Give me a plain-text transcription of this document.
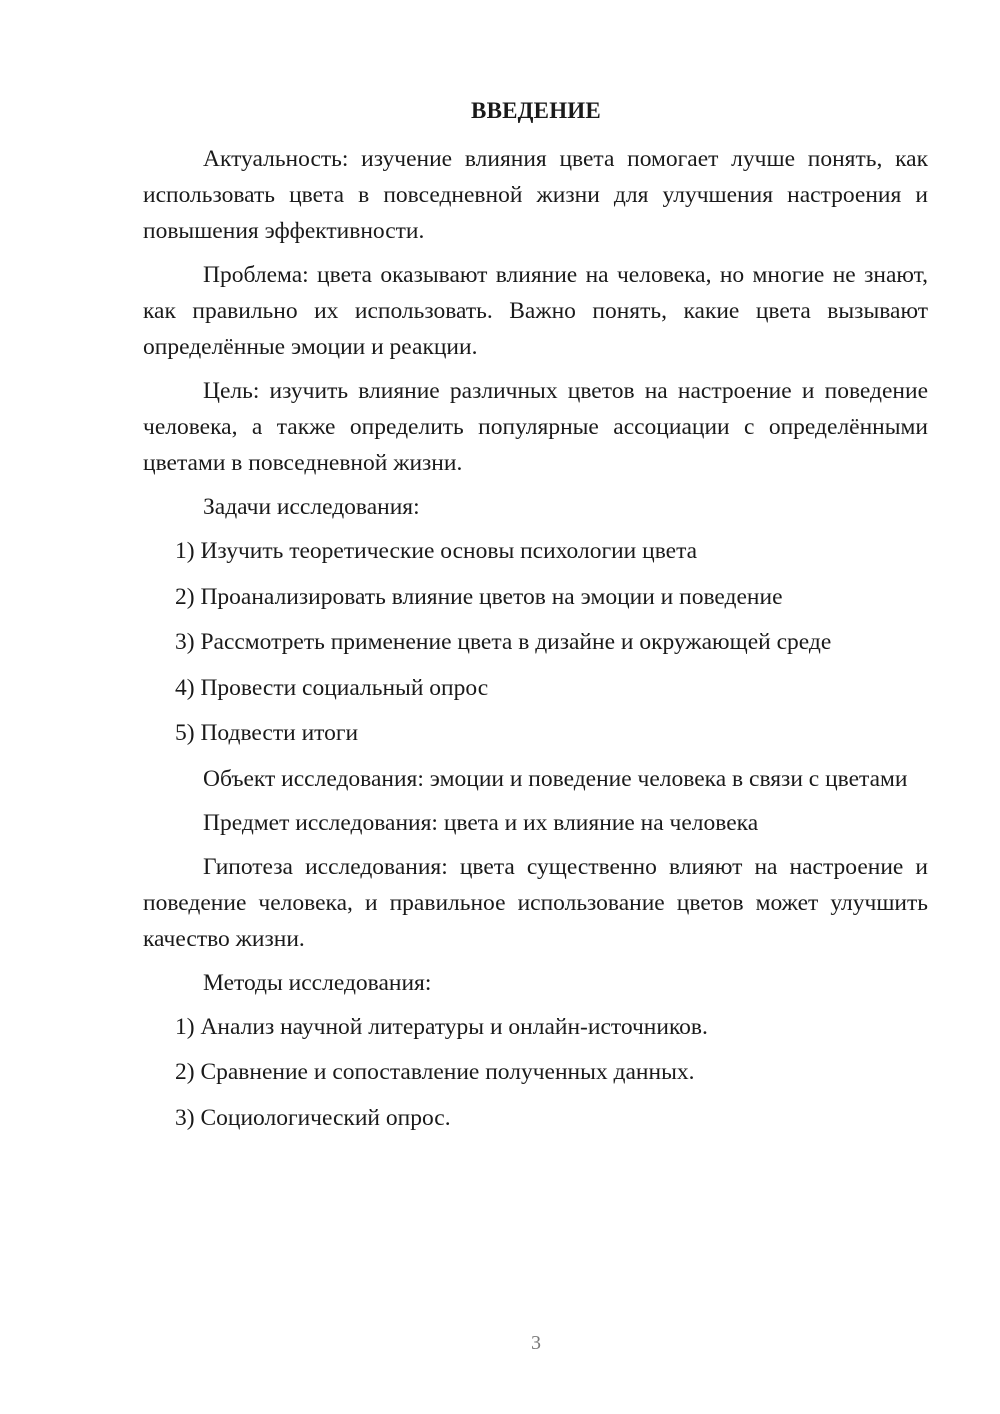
ВВЕДЕНИЕ

Актуальность: изучение влияния цвета помогает лучше понять, как использовать цвета в повседневной жизни для улучшения настроения и повышения эффективности.

Проблема: цвета оказывают влияние на человека, но многие не знают, как правильно их использовать. Важно понять, какие цвета вызывают определённые эмоции и реакции.

Цель: изучить влияние различных цветов на настроение и поведение человека, а также определить популярные ассоциации с определёнными цветами в повседневной жизни.

Задачи исследования:

1) Изучить теоретические основы психологии цвета
2) Проанализировать влияние цветов на эмоции и поведение
3) Рассмотреть применение цвета в дизайне и окружающей среде
4) Провести социальный опрос
5) Подвести итоги

Объект исследования: эмоции и поведение человека в связи с цветами

Предмет исследования: цвета и их влияние на человека

Гипотеза исследования: цвета существенно влияют на настроение и поведение человека, и правильное использование цветов может улучшить качество жизни.

Методы исследования:

1) Анализ научной литературы и онлайн-источников.
2) Сравнение и сопоставление полученных данных.
3) Социологический опрос.
3
